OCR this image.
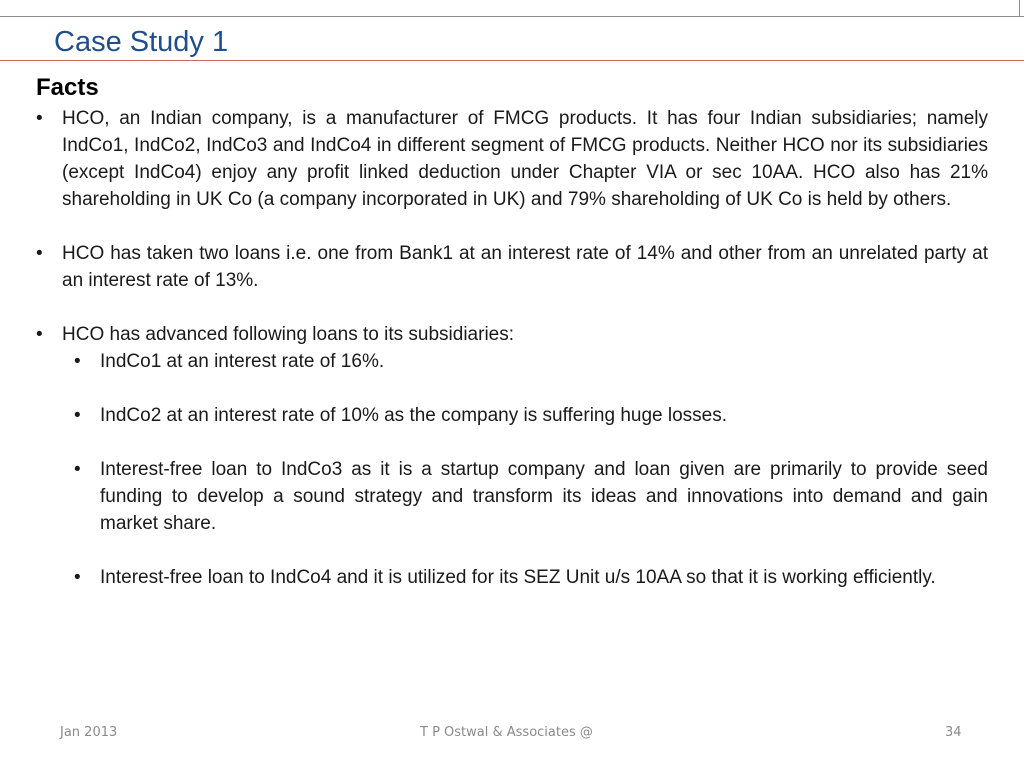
Case Study 1
Facts
• HCO, an Indian company, is a manufacturer of FMCG products. It has four Indian subsidiaries; namely IndCo1, IndCo2, IndCo3 and IndCo4 in different segment of FMCG products. Neither HCO nor its subsidiaries (except IndCo4) enjoy any profit linked deduction under Chapter VIA or sec 10AA. HCO also has 21% shareholding in UK Co (a company incorporated in UK) and 79% shareholding of UK Co is held by others.
• HCO has taken two loans i.e. one from Bank1 at an interest rate of 14% and other from an unrelated party at an interest rate of 13%.
• HCO has advanced following loans to its subsidiaries:
• IndCo1 at an interest rate of 16%.
• IndCo2 at an interest rate of 10% as the company is suffering huge losses.
• Interest-free loan to IndCo3 as it is a startup company and loan given are primarily to provide seed funding to develop a sound strategy and transform its ideas and innovations into demand and gain market share.
• Interest-free loan to IndCo4 and it is utilized for its SEZ Unit u/s 10AA so that it is working efficiently.
Jan 2013	T P Ostwal & Associates @	34
